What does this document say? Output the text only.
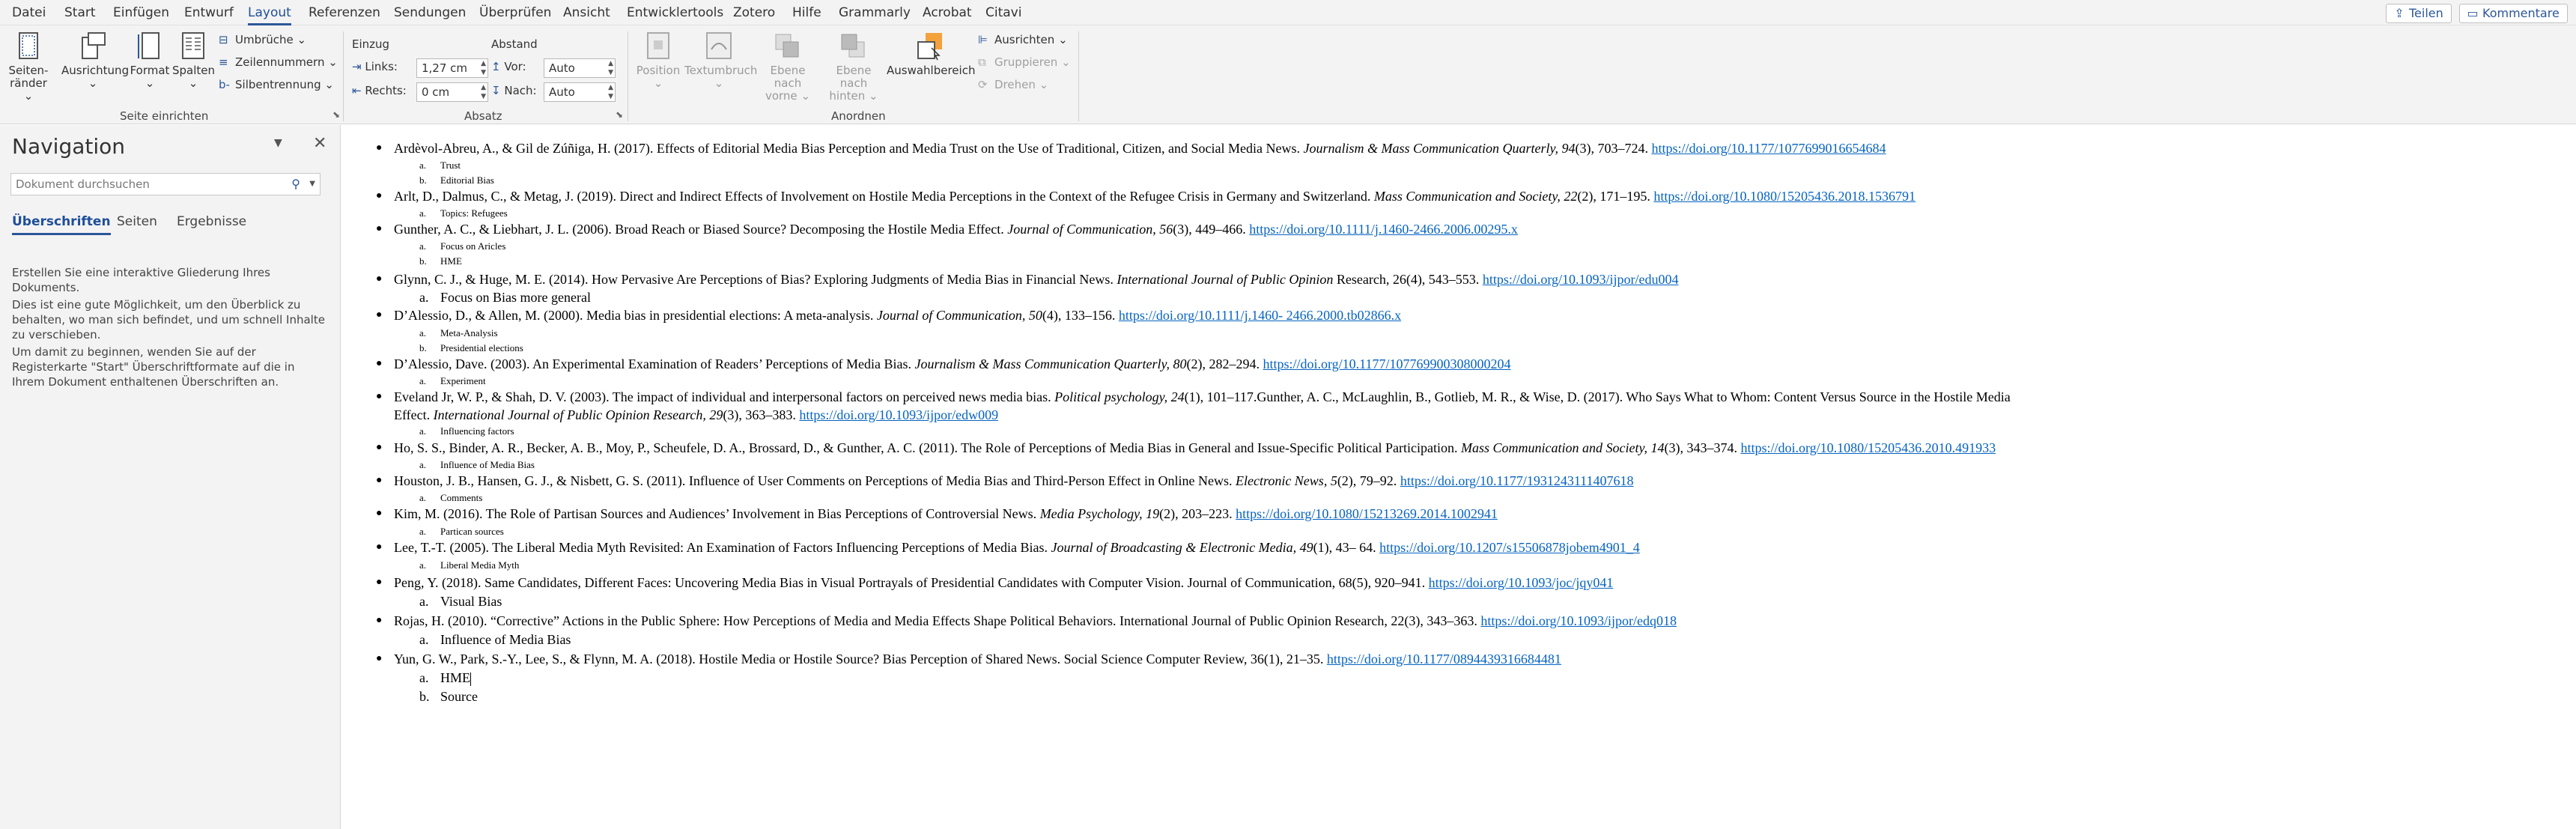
Datei Start Einfügen Entwurf Layout Referenzen Sendungen Überprüfen Ansicht Entwicklertools Zotero Hilfe Grammarly Acrobat Citavi	⇪ Teilen	▭ Kommentare
Seiten-
ränder ⌄
Ausrichtung
⌄
Format
⌄
Spalten
⌄
⊟ Umbrüche ⌄
≡ Zeilennummern ⌄
b- Silbentrennung ⌄
Seite einrichten	⬊
Einzug
⇥ Links:	1,27 cm ▲
▼
⇤ Rechts:	0 cm	▲
▼
Abstand
↥ Vor:	Auto	▲
▼
↧ Nach:	Auto	▲
▼
Absatz	⬊
Position
⌄
Textumbruch
⌄
Ebene nach
vorne ⌄
Ebene nach
hinten ⌄
Auswahlbereich
⊫ Ausrichten ⌄
⧉ Gruppieren ⌄
⟳ Drehen ⌄
Anordnen
Navigation	▼ ✕
Dokument durchsuchen	⚲ ▼
Überschriften Seiten Ergebnisse

Erstellen Sie eine interaktive Gliederung Ihres Dokuments.

Dies ist eine gute Möglichkeit, um den Überblick zu behalten, wo man sich befindet, und um schnell Inhalte zu verschieben.

Um damit zu beginnen, wenden Sie auf der Registerkarte "Start" Überschriftformate auf die in Ihrem Dokument enthaltenen Überschriften an.

● Ardèvol-Abreu, A., & Gil de Zúñiga, H. (2017). Effects of Editorial Media Bias Perception and Media Trust on the Use of Traditional, Citizen, and Social Media News. Journalism & Mass Communication Quarterly, 94(3), 703–724. https://doi.org/10.1177/1077699016654684
a. Trust
b. Editorial Bias
● Arlt, D., Dalmus, C., & Metag, J. (2019). Direct and Indirect Effects of Involvement on Hostile Media Perceptions in the Context of the Refugee Crisis in Germany and Switzerland. Mass Communication and Society, 22(2), 171–195. https://doi.org/10.1080/15205436.2018.1536791
a. Topics: Refugees
● Gunther, A. C., & Liebhart, J. L. (2006). Broad Reach or Biased Source? Decomposing the Hostile Media Effect. Journal of Communication, 56(3), 449–466. https://doi.org/10.1111/j.1460-2466.2006.00295.x
a. Focus on Aricles
b. HME
● Glynn, C. J., & Huge, M. E. (2014). How Pervasive Are Perceptions of Bias? Exploring Judgments of Media Bias in Financial News. International Journal of Public Opinion Research, 26(4), 543–553. https://doi.org/10.1093/ijpor/edu004
a. Focus on Bias more general
● D’Alessio, D., & Allen, M. (2000). Media bias in presidential elections: A meta-analysis. Journal of Communication, 50(4), 133–156. https://doi.org/10.1111/j.1460- 2466.2000.tb02866.x
a. Meta-Analysis
b. Presidential elections
● D’Alessio, Dave. (2003). An Experimental Examination of Readers’ Perceptions of Media Bias. Journalism & Mass Communication Quarterly, 80(2), 282–294. https://doi.org/10.1177/107769900308000204
a. Experiment
● Eveland Jr, W. P., & Shah, D. V. (2003). The impact of individual and interpersonal factors on perceived news media bias. Political psychology, 24(1), 101–117.Gunther, A. C., McLaughlin, B., Gotlieb, M. R., & Wise, D. (2017). Who Says What to Whom: Content Versus Source in the Hostile Media
Effect. International Journal of Public Opinion Research, 29(3), 363–383. https://doi.org/10.1093/ijpor/edw009
a. Influencing factors
● Ho, S. S., Binder, A. R., Becker, A. B., Moy, P., Scheufele, D. A., Brossard, D., & Gunther, A. C. (2011). The Role of Perceptions of Media Bias in General and Issue-Specific Political Participation. Mass Communication and Society, 14(3), 343–374. https://doi.org/10.1080/15205436.2010.491933
a. Influence of Media Bias
● Houston, J. B., Hansen, G. J., & Nisbett, G. S. (2011). Influence of User Comments on Perceptions of Media Bias and Third-Person Effect in Online News. Electronic News, 5(2), 79–92. https://doi.org/10.1177/1931243111407618
a. Comments
● Kim, M. (2016). The Role of Partisan Sources and Audiences’ Involvement in Bias Perceptions of Controversial News. Media Psychology, 19(2), 203–223. https://doi.org/10.1080/15213269.2014.1002941
a. Partican sources
● Lee, T.-T. (2005). The Liberal Media Myth Revisited: An Examination of Factors Influencing Perceptions of Media Bias. Journal of Broadcasting & Electronic Media, 49(1), 43– 64. https://doi.org/10.1207/s15506878jobem4901_4
a. Liberal Media Myth
● Peng, Y. (2018). Same Candidates, Different Faces: Uncovering Media Bias in Visual Portrayals of Presidential Candidates with Computer Vision. Journal of Communication, 68(5), 920–941. https://doi.org/10.1093/joc/jqy041
a. Visual Bias
● Rojas, H. (2010). “Corrective” Actions in the Public Sphere: How Perceptions of Media and Media Effects Shape Political Behaviors. International Journal of Public Opinion Research, 22(3), 343–363. https://doi.org/10.1093/ijpor/edq018
a. Influence of Media Bias
● Yun, G. W., Park, S.-Y., Lee, S., & Flynn, M. A. (2018). Hostile Media or Hostile Source? Bias Perception of Shared News. Social Science Computer Review, 36(1), 21–35. https://doi.org/10.1177/0894439316684481
a. HME
b. Source
